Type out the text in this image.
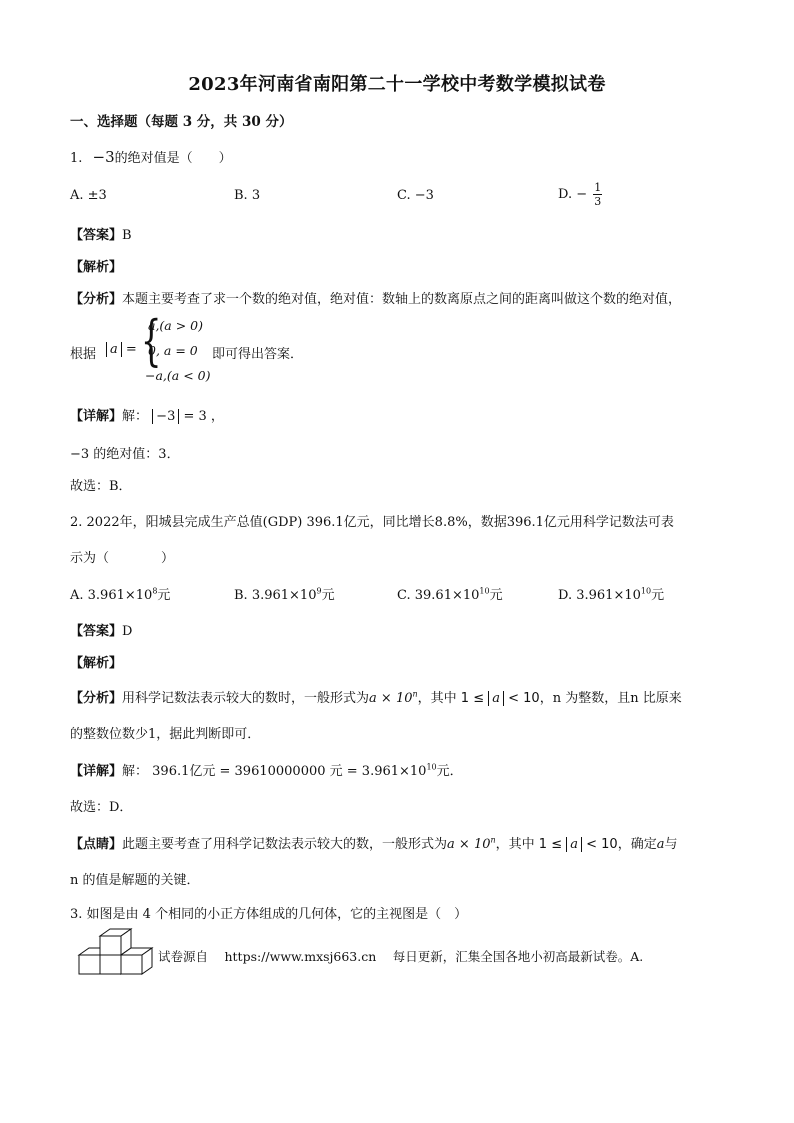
2023年河南省南阳第二十一学校中考数学模拟试卷
一、选择题（每题 3 分，共 30 分）
1. −3的绝对值是（　　）
A. ±3	B. 3	C. −3	D. − $\frac{1}{3}$
【答案】B
【解析】
【分析】本题主要考查了求一个数的绝对值，绝对值：数轴上的数离原点之间的距离叫做这个数的绝对值，
根据	a = {
a,(a > 0)
0, a = 0
−a,(a < 0)
即可得出答案．
【详解】解： −3 = 3 ，
−3 的绝对值：3．
故选：B．
2. 2022年，阳城县完成生产总值(GDP) 396.1亿元，同比增长8.8%，数据396.1亿元用科学记数法可表
示为（　　　　）
A. $3.961\times 10^8$元	B. $3.961\times 10^9$元	C. $39.61\times 10^{10}$元	D. $3.961\times 10^{10}$元
【答案】D
【解析】
【分析】用科学记数法表示较大的数时，一般形式为$a \times 10^n$，其中 1 ≤ a < 10，n 为整数，且n 比原来
的整数位数少1，据此判断即可．
【详解】解： 396.1亿元 = 39610000000 元 = $3.961\times 10^{10}$元．
故选：D．
【点睛】此题主要考查了用科学记数法表示较大的数，一般形式为$a \times 10^n$，其中 1 ≤ a < 10，确定a与
n 的值是解题的关键．
3. 如图是由 4 个相同的小正方体组成的几何体，它的主视图是（　）
试卷源自　 https://www.mxsj663.cn　 每日更新，汇集全国各地小初高最新试卷。A.
